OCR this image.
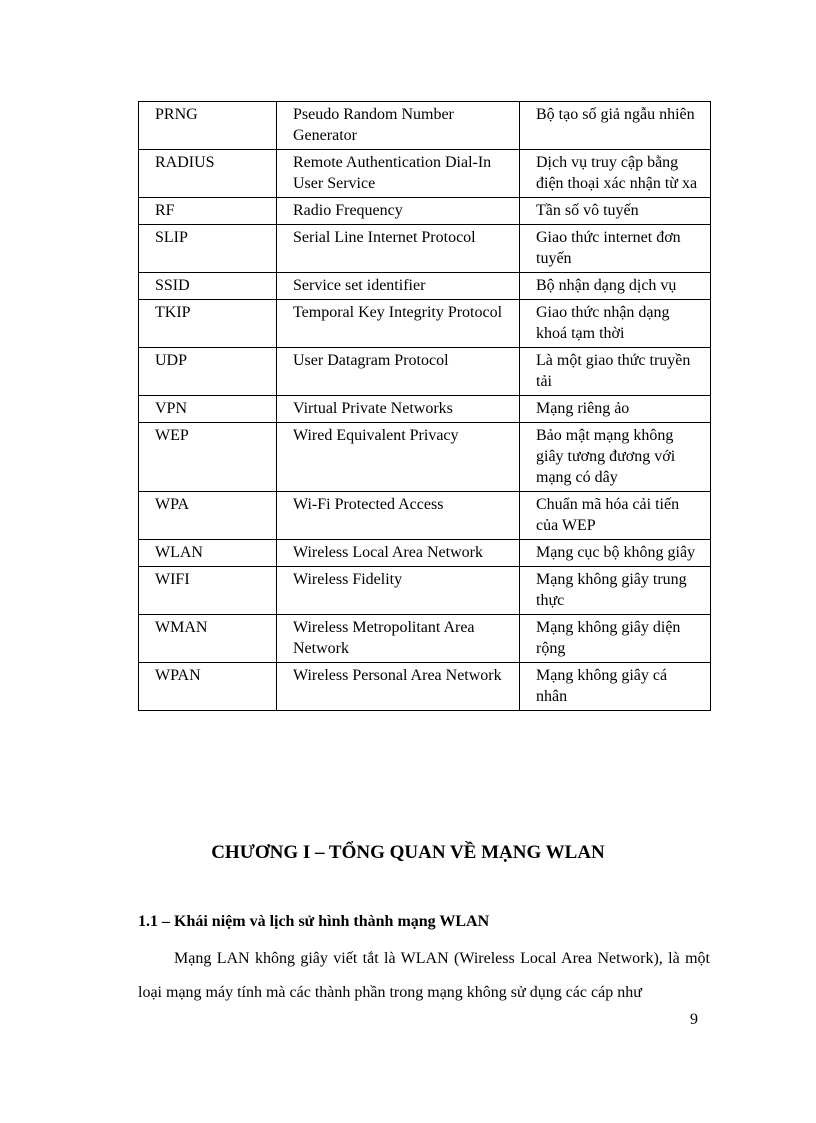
PRNG	Pseudo Random Number Generator	Bộ tạo số giả ngẫu nhiên
RADIUS	Remote Authentication Dial-In User Service	Dịch vụ truy cập bằng điện thoại xác nhận từ xa
RF	Radio Frequency	Tần số vô tuyến
SLIP	Serial Line Internet Protocol	Giao thức internet đơn tuyến
SSID	Service set identifier	Bộ nhận dạng dịch vụ
TKIP	Temporal Key Integrity Protocol	Giao thức nhận dạng khoá tạm thời
UDP	User Datagram Protocol	Là một giao thức truyền tải
VPN	Virtual Private Networks	Mạng riêng ảo
WEP	Wired Equivalent Privacy	Bảo mật mạng không giây tương đương với mạng có dây
WPA	Wi-Fi Protected Access	Chuẩn mã hóa cải tiến của WEP
WLAN	Wireless Local Area Network	Mạng cục bộ không giây
WIFI	Wireless Fidelity	Mạng không giây trung thực
WMAN	Wireless Metropolitant Area Network	Mạng không giây diện rộng
WPAN	Wireless Personal Area Network	Mạng không giây cá nhân
CHƯƠNG I – TỔNG QUAN VỀ MẠNG WLAN
1.1 – Khái niệm và lịch sử hình thành mạng WLAN

Mạng LAN không giây viết tắt là WLAN (Wireless Local Area Network), là một loại mạng máy tính mà các thành phần trong mạng không sử dụng các cáp như

9
